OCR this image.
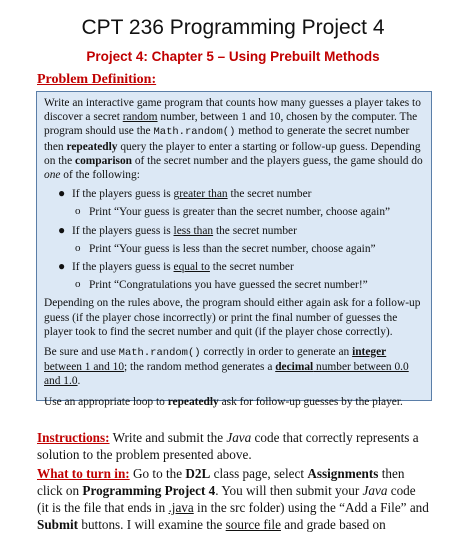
CPT 236 Programming Project 4
Project 4: Chapter 5 – Using Prebuilt Methods
Problem Definition:

Write an interactive game program that counts how many guesses a player takes to discover a secret random number, between 1 and 10, chosen by the computer. The program should use the Math.random() method to generate the secret number then repeatedly query the player to enter a starting or follow-up guess. Depending on the comparison of the secret number and the players guess, the game should do one of the following:

● If the players guess is greater than the secret number
o Print “Your guess is greater than the secret number, choose again”
● If the players guess is less than the secret number
o Print “Your guess is less than the secret number, choose again”
● If the players guess is equal to the secret number
o Print “Congratulations you have guessed the secret number!”

Depending on the rules above, the program should either again ask for a follow-up guess (if the player chose incorrectly) or print the final number of guesses the player took to find the secret number and quit (if the player chose correctly).

Be sure and use Math.random() correctly in order to generate an integer between 1 and 10; the random method generates a decimal number between 0.0 and 1.0.

Use an appropriate loop to repeatedly ask for follow-up guesses by the player.

Instructions: Write and submit the Java code that correctly represents a solution to the problem presented above.
What to turn in: Go to the D2L class page, select Assignments then click on Programming Project 4. You will then submit your Java code (it is the file that ends in .java in the src folder) using the “Add a File” and Submit buttons. I will examine the source file and grade based on
